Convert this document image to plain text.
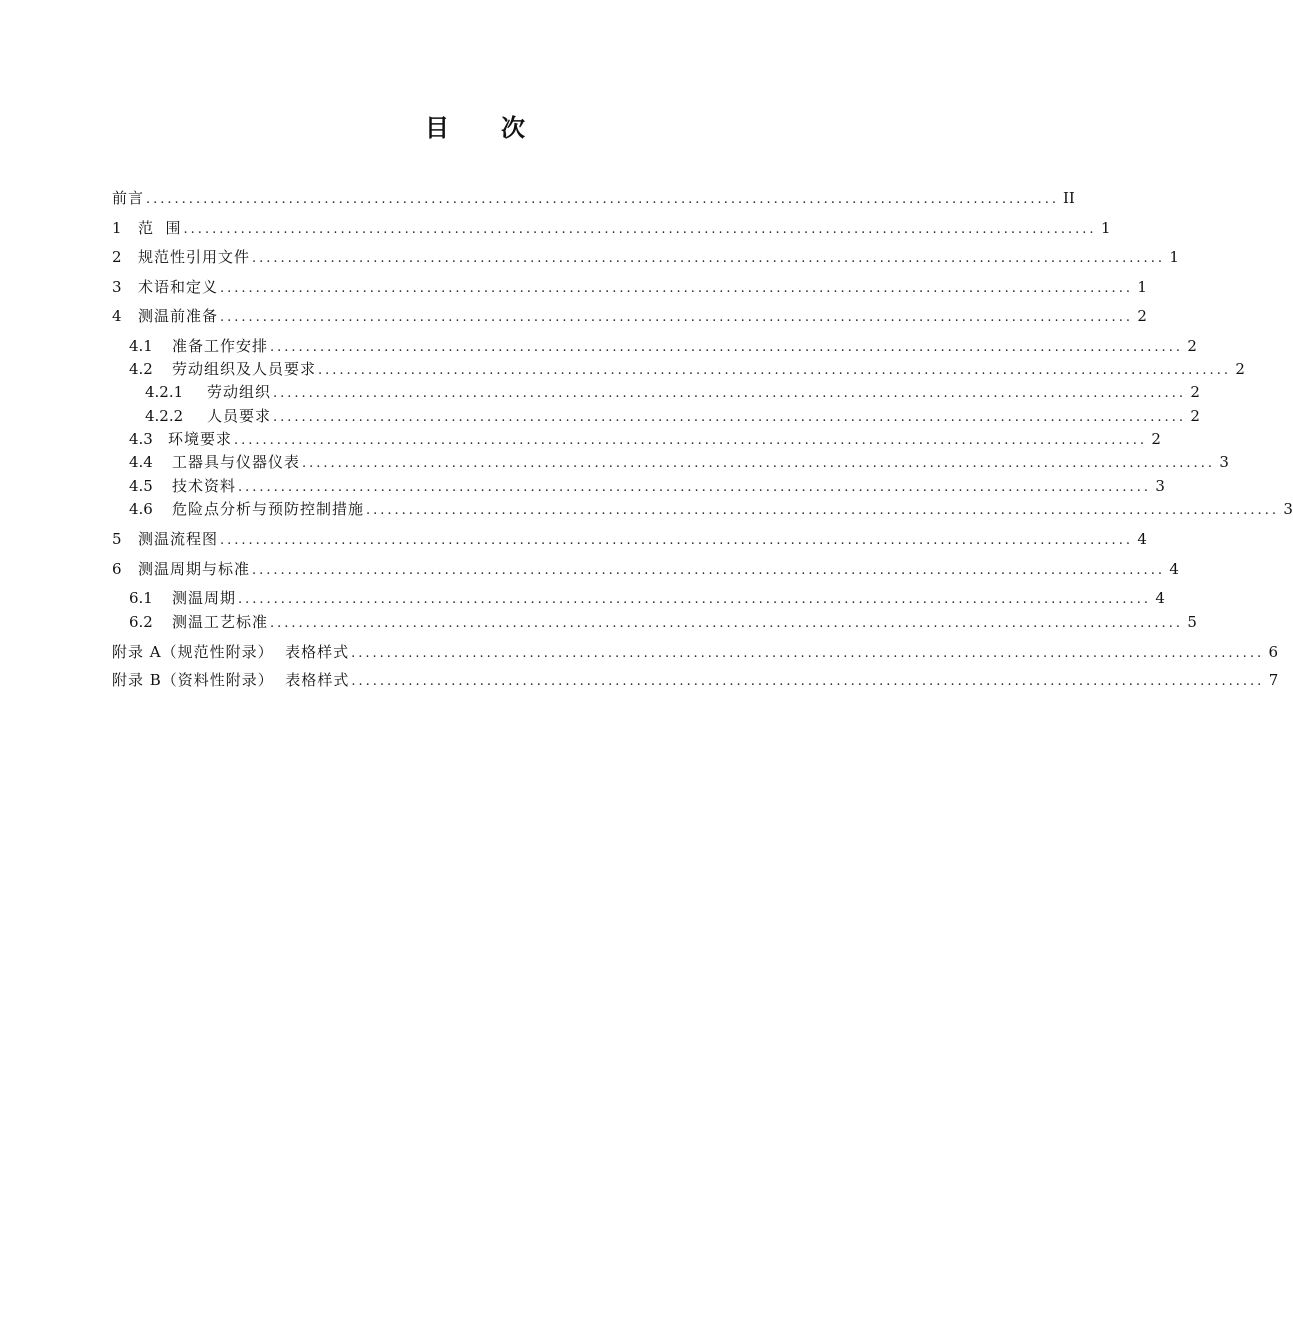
目 次
前言 ................................................................................................................................ II
1	范  围 ................................................................................................................................ 1
2	规范性引用文件 ................................................................................................................................ 1
3	术语和定义 ................................................................................................................................ 1
4	测温前准备 ................................................................................................................................ 2
4.1	准备工作安排 ................................................................................................................................ 2
4.2	劳动组织及人员要求 ................................................................................................................................ 2
4.2.1	劳动组织 ................................................................................................................................ 2
4.2.2	人员要求 ................................................................................................................................ 2
4.3	环境要求 ................................................................................................................................ 2
4.4	工器具与仪器仪表 ................................................................................................................................ 3
4.5	技术资料 ................................................................................................................................ 3
4.6	危险点分析与预防控制措施 ................................................................................................................................ 3
5	测温流程图 ................................................................................................................................ 4
6	测温周期与标准 ................................................................................................................................ 4
6.1	测温周期 ................................................................................................................................ 4
6.2	测温工艺标准 ................................................................................................................................ 5
附录 A（规范性附录）  表格样式 ................................................................................................................................ 6
附录 B（资料性附录）  表格样式 ................................................................................................................................ 7
